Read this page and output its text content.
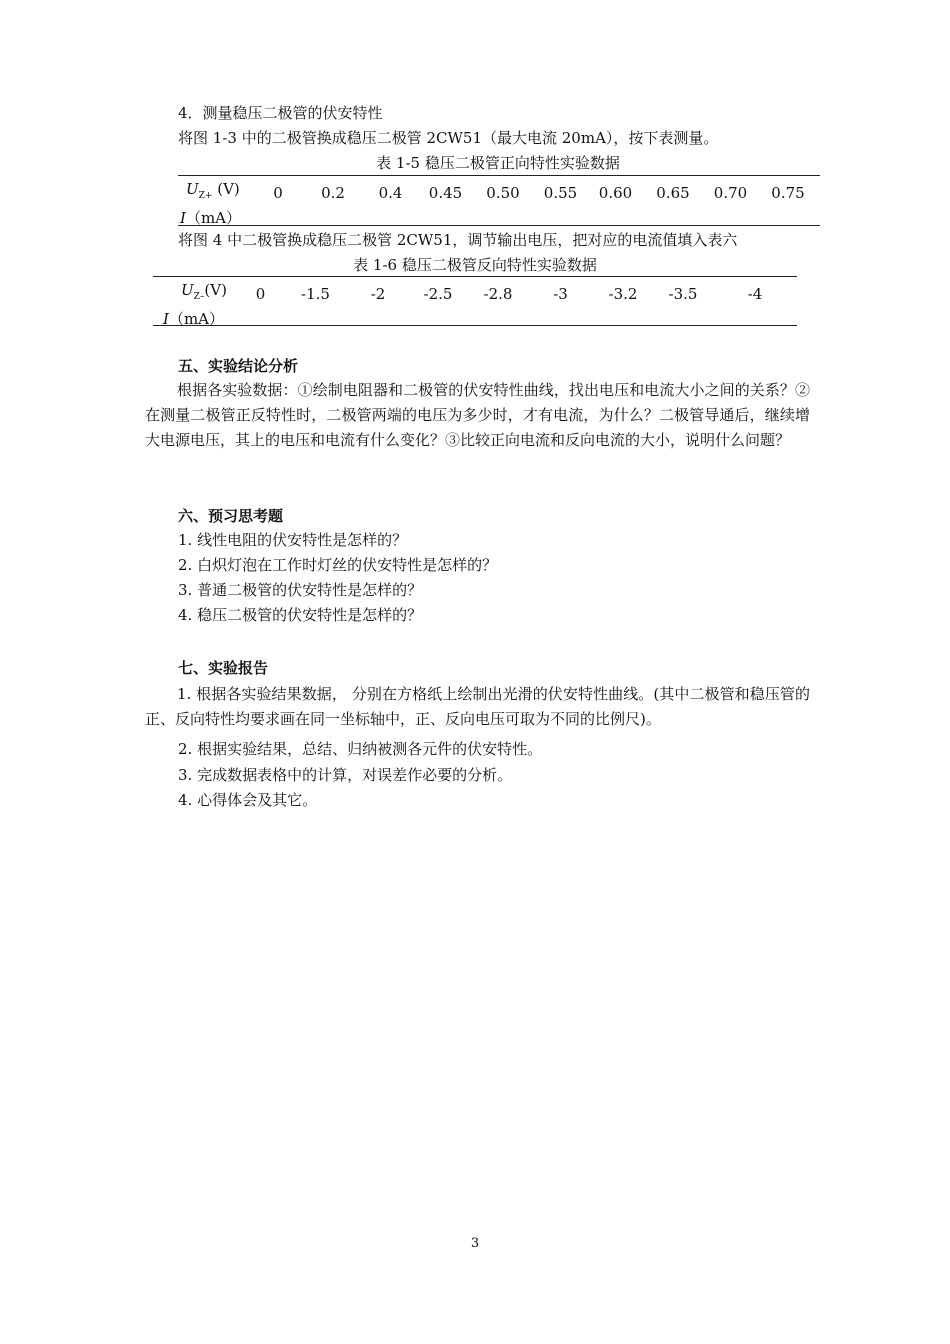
4．测量稳压二极管的伏安特性
将图 1-3 中的二极管换成稳压二极管 2CW51（最大电流 20mA），按下表测量。
表 1-5 稳压二极管正向特性实验数据
$U_{Z+}$ (V)	0	0.2	0.4	0.45	0.50	0.55	0.60	0.65	0.70	0.75
I（mA）										
将图 4 中二极管换成稳压二极管 2CW51，调节输出电压，把对应的电流值填入表六
表 1-6 稳压二极管反向特性实验数据
$U_{Z-}(V)$	0	-1.5	-2	-2.5	-2.8	-3	-3.2	-3.5	-4
I（mA）									
五、实验结论分析
根据各实验数据：①绘制电阻器和二极管的伏安特性曲线，找出电压和电流大小之间的关系？②在测量二极管正反特性时，二极管两端的电压为多少时，才有电流，为什么？二极管导通后，继续增大电源电压，其上的电压和电流有什么变化？③比较正向电流和反向电流的大小，说明什么问题？
六、预习思考题
1. 线性电阻的伏安特性是怎样的？
2. 白炽灯泡在工作时灯丝的伏安特性是怎样的？
3. 普通二极管的伏安特性是怎样的？
4. 稳压二极管的伏安特性是怎样的？
七、实验报告
1. 根据各实验结果数据， 分别在方格纸上绘制出光滑的伏安特性曲线。(其中二极管和稳压管的正、反向特性均要求画在同一坐标轴中，正、反向电压可取为不同的比例尺)。
2. 根据实验结果，总结、归纳被测各元件的伏安特性。
3. 完成数据表格中的计算，对误差作必要的分析。
4. 心得体会及其它。
3
